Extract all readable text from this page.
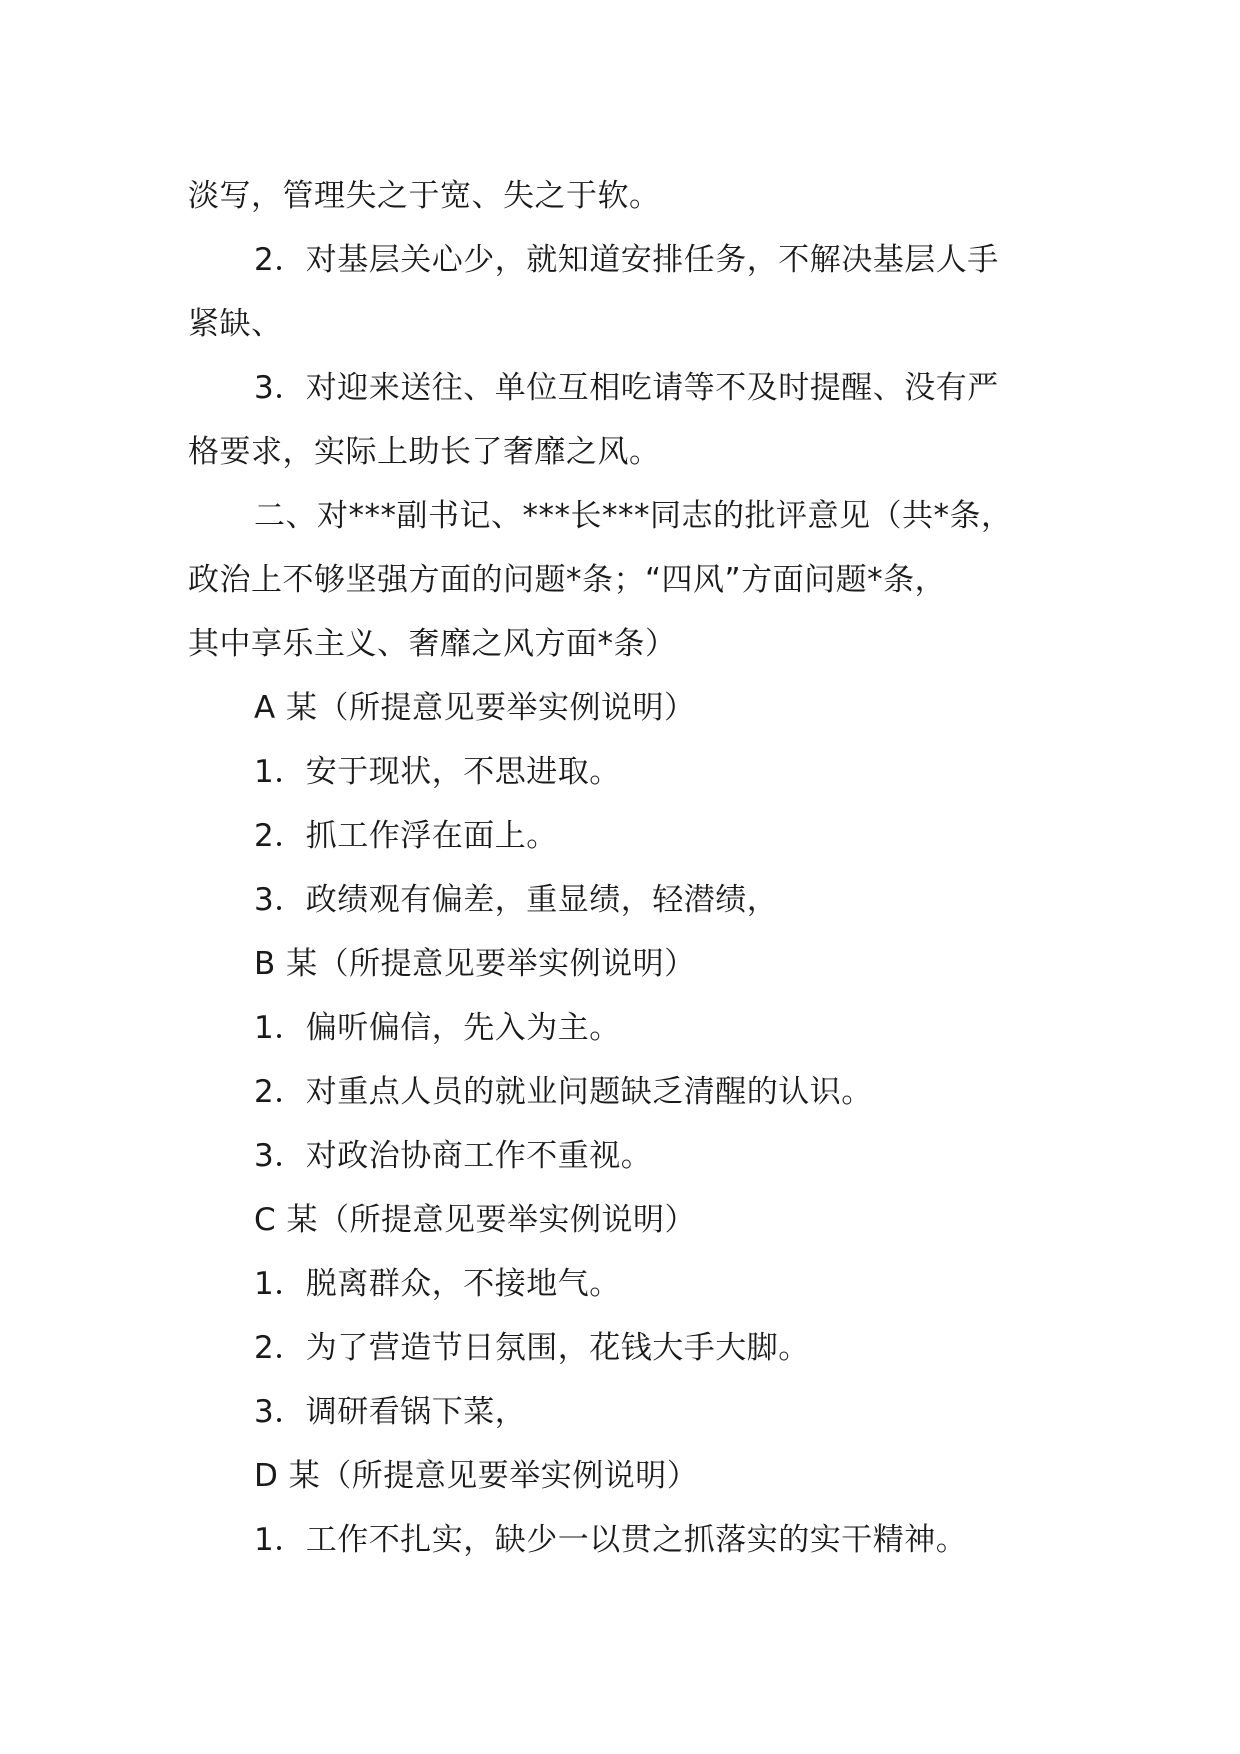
淡写，管理失之于宽、失之于软。
2．对基层关心少，就知道安排任务，不解决基层人手
紧缺、
3．对迎来送往、单位互相吃请等不及时提醒、没有严
格要求，实际上助长了奢靡之风。
二、对***副书记、***长***同志的批评意见（共*条，
政治上不够坚强方面的问题*条；“四风”方面问题*条，
其中享乐主义、奢靡之风方面*条）
A 某（所提意见要举实例说明）
1．安于现状，不思进取。
2．抓工作浮在面上。
3．政绩观有偏差，重显绩，轻潜绩，
B 某（所提意见要举实例说明）
1．偏听偏信，先入为主。
2．对重点人员的就业问题缺乏清醒的认识。
3．对政治协商工作不重视。
C 某（所提意见要举实例说明）
1．脱离群众，不接地气。
2．为了营造节日氛围，花钱大手大脚。
3．调研看锅下菜，
D 某（所提意见要举实例说明）
1．工作不扎实，缺少一以贯之抓落实的实干精神。
